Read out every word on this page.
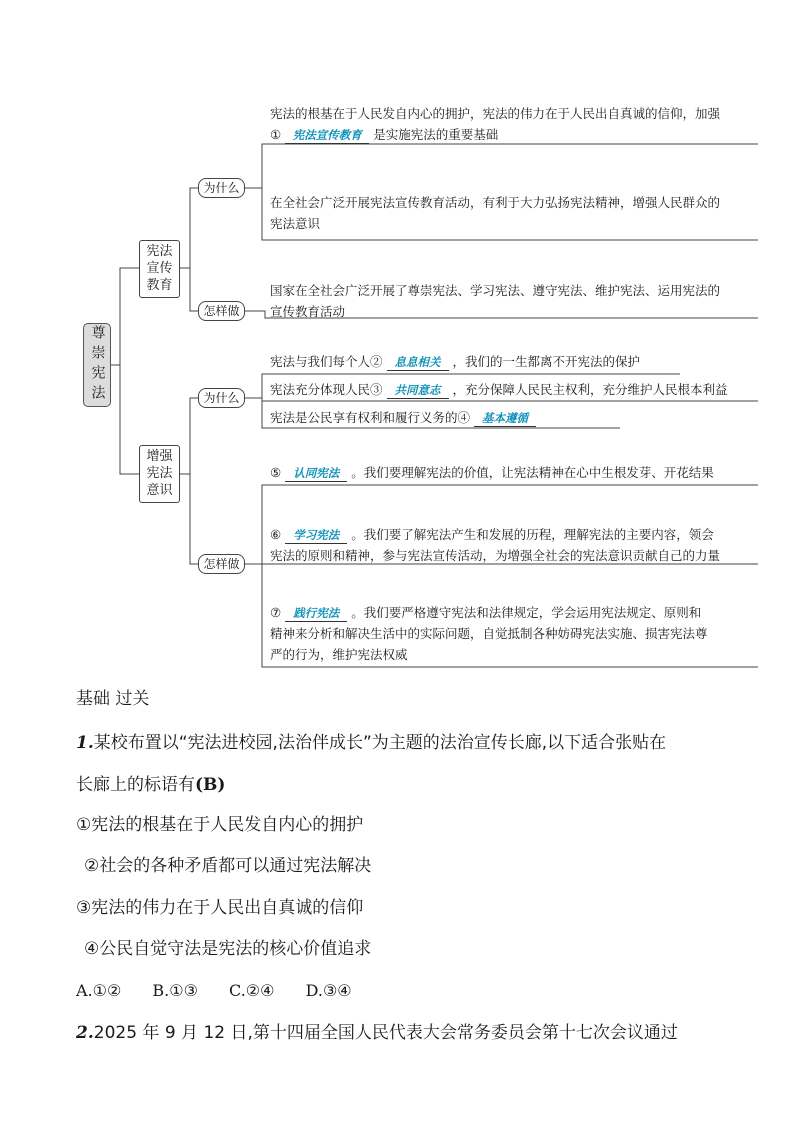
尊崇宪法
宪法
宣传
教育
为什么
怎样做
增强
宪法
意识
为什么
怎样做
宪法的根基在于人民发自内心的拥护，宪法的伟力在于人民出自真诚的信仰，加强
① 宪法宣传教育 是实施宪法的重要基础
在全社会广泛开展宪法宣传教育活动，有利于大力弘扬宪法精神，增强人民群众的
宪法意识
国家在全社会广泛开展了尊崇宪法、学习宪法、遵守宪法、维护宪法、运用宪法的
宣传教育活动
宪法与我们每个人② 息息相关 ，我们的一生都离不开宪法的保护
宪法充分体现人民③ 共同意志 ，充分保障人民民主权利，充分维护人民根本利益
宪法是公民享有权利和履行义务的④ 基本遵循
⑤ 认同宪法 。我们要理解宪法的价值，让宪法精神在心中生根发芽、开花结果
⑥ 学习宪法 。我们要了解宪法产生和发展的历程，理解宪法的主要内容，领会
宪法的原则和精神，参与宪法宣传活动，为增强全社会的宪法意识贡献自己的力量
⑦ 践行宪法 。我们要严格遵守宪法和法律规定，学会运用宪法规定、原则和
精神来分析和解决生活中的实际问题，自觉抵制各种妨碍宪法实施、损害宪法尊
严的行为，维护宪法权威
基础 过关
1.某校布置以“宪法进校园,法治伴成长”为主题的法治宣传长廊,以下适合张贴在
长廊上的标语有(B)
①宪法的根基在于人民发自内心的拥护
②社会的各种矛盾都可以通过宪法解决
③宪法的伟力在于人民出自真诚的信仰
④公民自觉守法是宪法的核心价值追求
A.①② B.①③ C.②④ D.③④
2.2025 年 9 月 12 日,第十四届全国人民代表大会常务委员会第十七次会议通过
